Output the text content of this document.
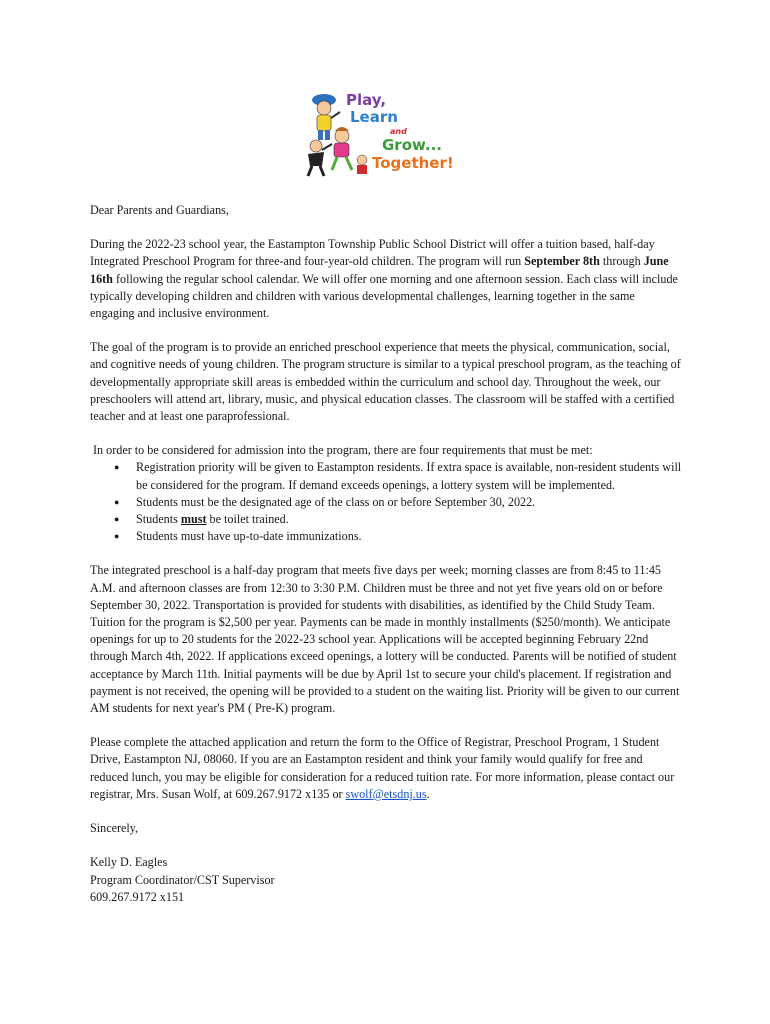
Play,
Learn
and
Grow...
Together!

Dear Parents and Guardians,

During the 2022-23 school year, the Eastampton Township Public School District will offer a tuition based, half-day Integrated Preschool Program for three-and four-year-old children. The program will run September 8th through June 16th following the regular school calendar. We will offer one morning and one afternoon session. Each class will include typically developing children and children with various developmental challenges, learning together in the same engaging and inclusive environment.

The goal of the program is to provide an enriched preschool experience that meets the physical, communication, social, and cognitive needs of young children. The program structure is similar to a typical preschool program, as the teaching of developmentally appropriate skill areas is embedded within the curriculum and school day. Throughout the week, our preschoolers will attend art, library, music, and physical education classes. The classroom will be staffed with a certified teacher and at least one paraprofessional.

In order to be considered for admission into the program, there are four requirements that must be met:

● Registration priority will be given to Eastampton residents. If extra space is available, non-resident students will be considered for the program. If demand exceeds openings, a lottery system will be implemented.
● Students must be the designated age of the class on or before September 30, 2022.
● Students must be toilet trained.
● Students must have up-to-date immunizations.

The integrated preschool is a half-day program that meets five days per week; morning classes are from 8:45 to 11:45 A.M. and afternoon classes are from 12:30 to 3:30 P.M. Children must be three and not yet five years old on or before September 30, 2022. Transportation is provided for students with disabilities, as identified by the Child Study Team. Tuition for the program is $2,500 per year. Payments can be made in monthly installments ($250/month). We anticipate openings for up to 20 students for the 2022-23 school year. Applications will be accepted beginning February 22nd through March 4th, 2022. If applications exceed openings, a lottery will be conducted. Parents will be notified of student acceptance by March 11th. Initial payments will be due by April 1st to secure your child's placement. If registration and payment is not received, the opening will be provided to a student on the waiting list. Priority will be given to our current AM students for next year's PM ( Pre-K) program.

Please complete the attached application and return the form to the Office of Registrar, Preschool Program, 1 Student Drive, Eastampton NJ, 08060. If you are an Eastampton resident and think your family would qualify for free and reduced lunch, you may be eligible for consideration for a reduced tuition rate. For more information, please contact our registrar, Mrs. Susan Wolf, at 609.267.9172 x135 or swolf@etsdnj.us.

Sincerely,

Kelly D. Eagles

Program Coordinator/CST Supervisor

609.267.9172 x151
